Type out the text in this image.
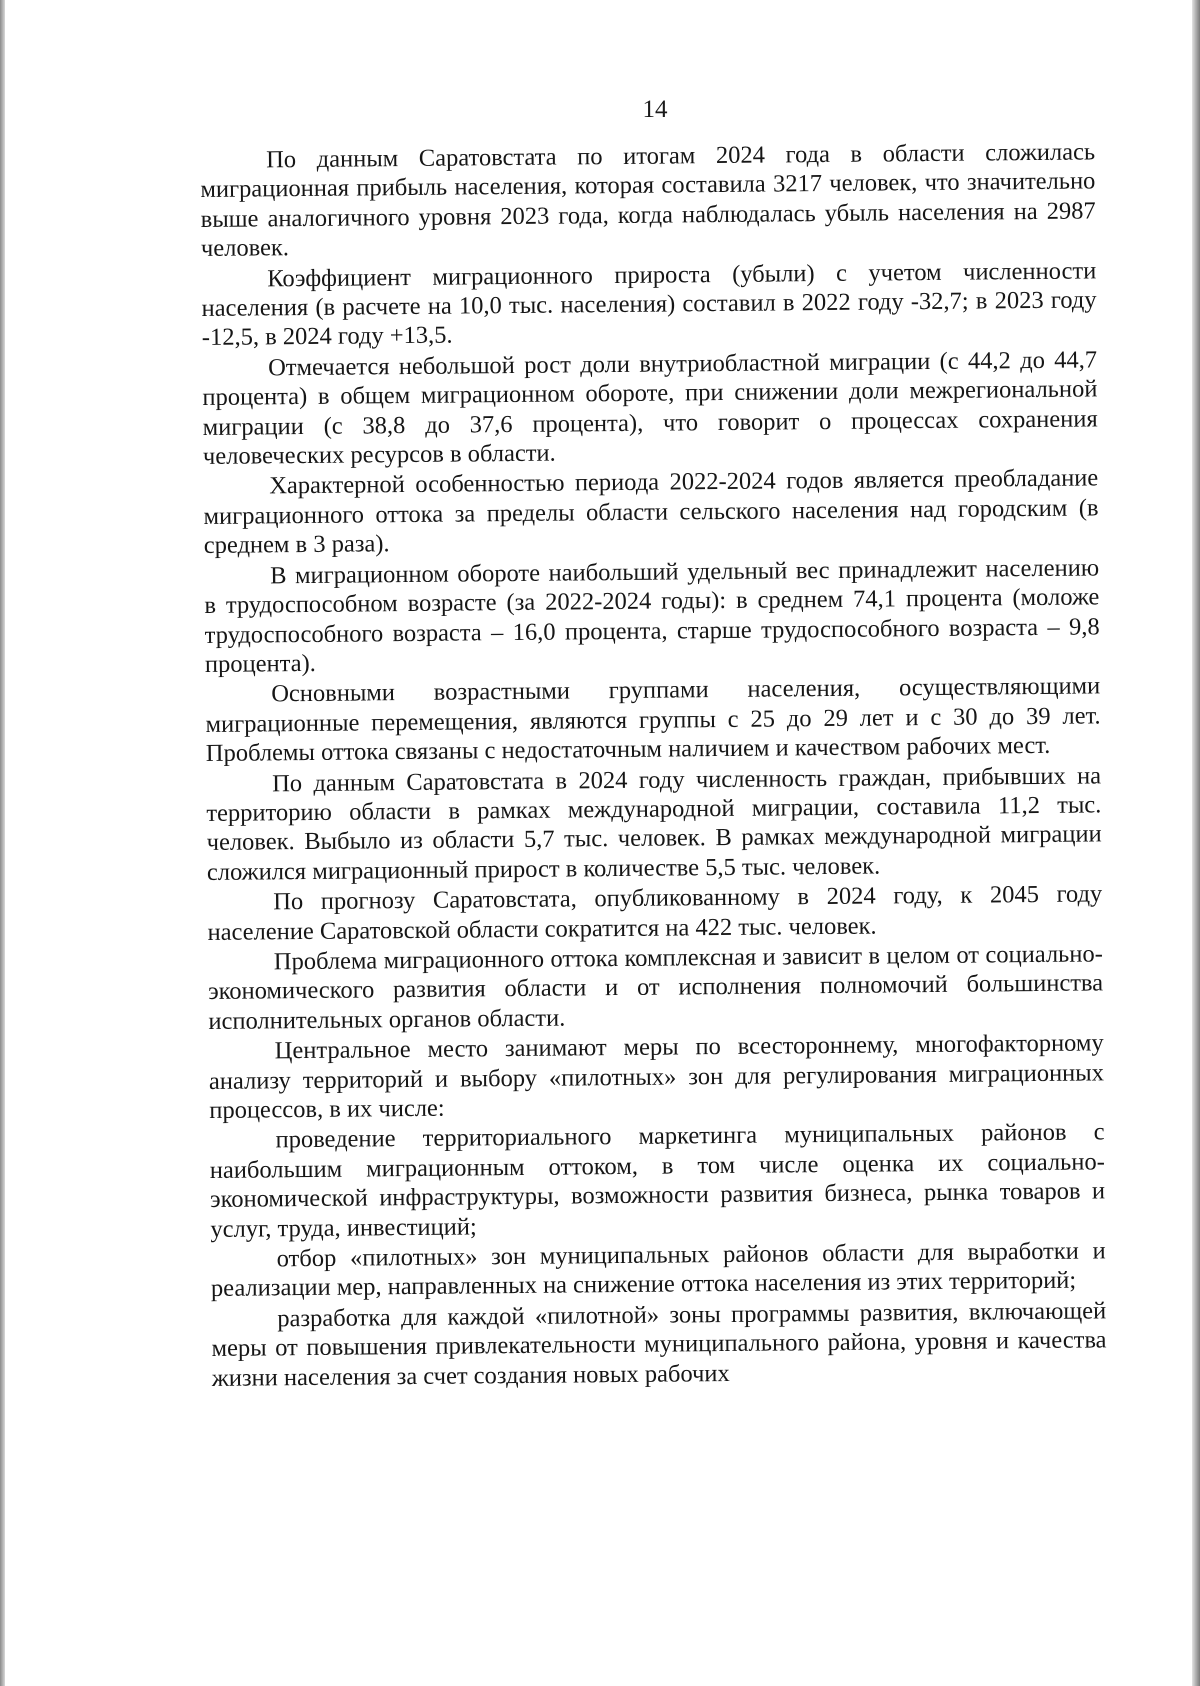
14

По данным Саратовстата по итогам 2024 года в области сложилась миграционная прибыль населения, которая составила 3217 человек, что значительно выше аналогичного уровня 2023 года, когда наблюдалась убыль населения на 2987 человек.

Коэффициент миграционного прироста (убыли) с учетом численности населения (в расчете на 10,0 тыс. населения) составил в 2022 году -32,7; в 2023 году -12,5, в 2024 году +13,5.

Отмечается небольшой рост доли внутриобластной миграции (с 44,2 до 44,7 процента) в общем миграционном обороте, при снижении доли межрегиональной миграции (с 38,8 до 37,6 процента), что говорит о процессах сохранения человеческих ресурсов в области.

Характерной особенностью периода 2022-2024 годов является преобладание миграционного оттока за пределы области сельского населения над городским (в среднем в 3 раза).

В миграционном обороте наибольший удельный вес принадлежит населению в трудоспособном возрасте (за 2022-2024 годы): в среднем 74,1 процента (моложе трудоспособного возраста – 16,0 процента, старше трудоспособного возраста – 9,8 процента).

Основными возрастными группами населения, осуществляющими миграционные перемещения, являются группы с 25 до 29 лет и с 30 до 39 лет. Проблемы оттока связаны с недостаточным наличием и качеством рабочих мест.

По данным Саратовстата в 2024 году численность граждан, прибывших на территорию области в рамках международной миграции, составила 11,2 тыс. человек. Выбыло из области 5,7 тыс. человек. В рамках международной миграции сложился миграционный прирост в количестве 5,5 тыс. человек.

По прогнозу Саратовстата, опубликованному в 2024 году, к 2045 году население Саратовской области сократится на 422 тыс. человек.

Проблема миграционного оттока комплексная и зависит в целом от социально-экономического развития области и от исполнения полномочий большинства исполнительных органов области.

Центральное место занимают меры по всестороннему, многофакторному анализу территорий и выбору «пилотных» зон для регулирования миграционных процессов, в их числе:

проведение территориального маркетинга муниципальных районов с наибольшим миграционным оттоком, в том числе оценка их социально-экономической инфраструктуры, возможности развития бизнеса, рынка товаров и услуг, труда, инвестиций;

отбор «пилотных» зон муниципальных районов области для выработки и реализации мер, направленных на снижение оттока населения из этих территорий;

разработка для каждой «пилотной» зоны программы развития, включающей меры от повышения привлекательности муниципального района, уровня и качества жизни населения за счет создания новых рабочих
